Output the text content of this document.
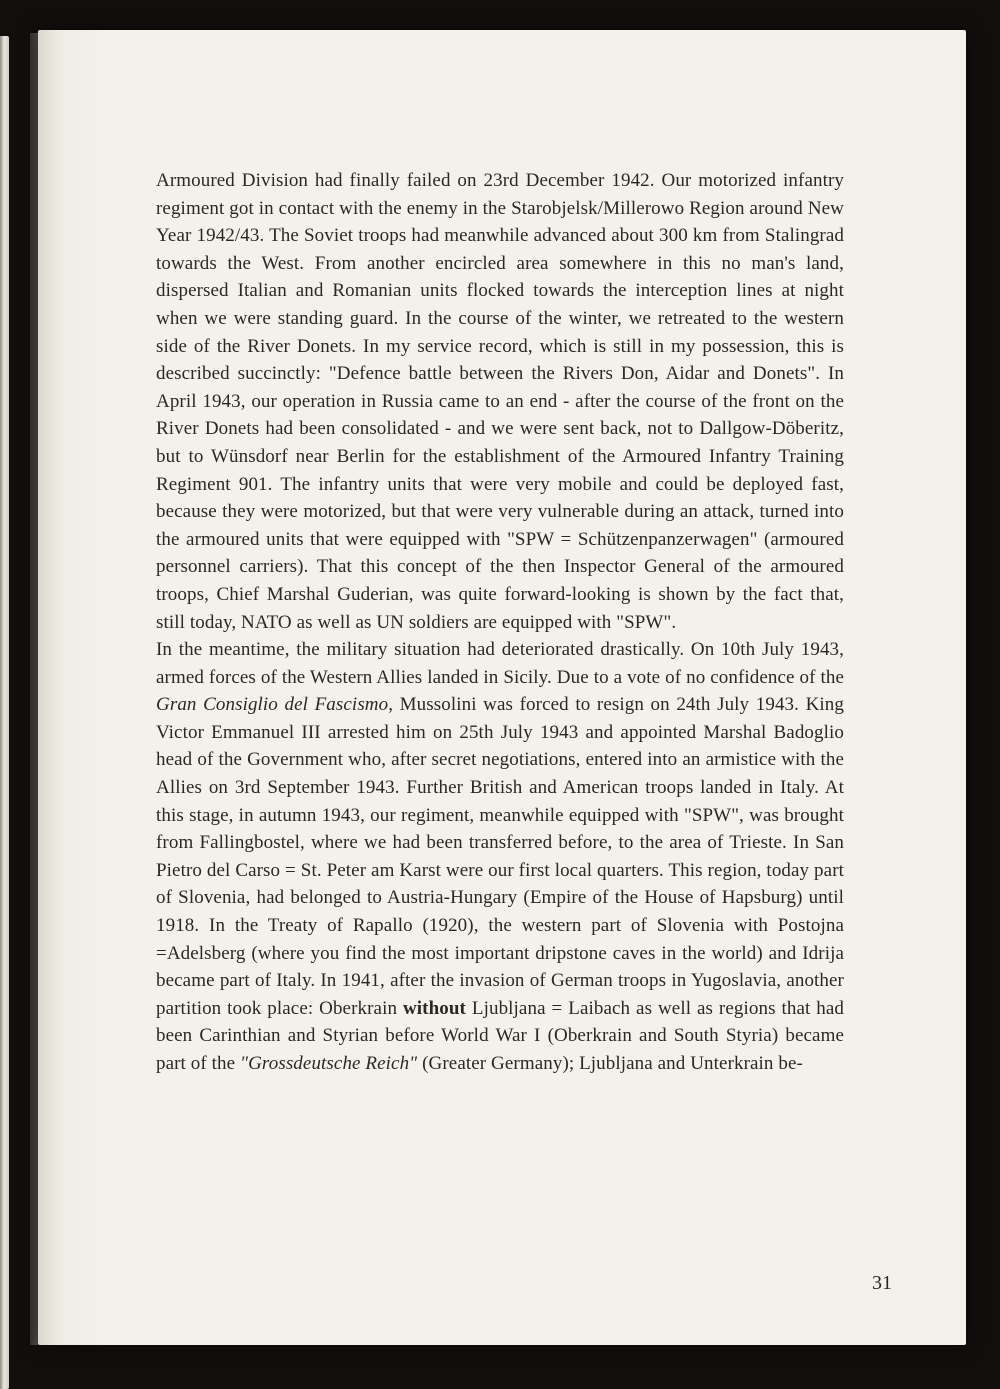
Armoured Division had finally failed on 23rd December 1942. Our motorized infantry regiment got in contact with the enemy in the Starobjelsk/Millerowo Region around New Year 1942/43. The Soviet troops had meanwhile advanced about 300 km from Stalingrad towards the West. From another encircled area somewhere in this no man's land, dispersed Italian and Romanian units flocked towards the interception lines at night when we were standing guard. In the course of the winter, we retreated to the western side of the River Donets. In my service record, which is still in my possession, this is described succinctly: "Defence battle between the Rivers Don, Aidar and Donets". In April 1943, our operation in Russia came to an end - after the course of the front on the River Donets had been consolidated - and we were sent back, not to Dallgow-Döberitz, but to Wünsdorf near Berlin for the establishment of the Armoured Infantry Training Regiment 901. The infantry units that were very mobile and could be deployed fast, because they were motorized, but that were very vulnerable during an attack, turned into the armoured units that were equipped with "SPW = Schützenpanzerwagen" (armoured personnel carriers). That this concept of the then Inspector General of the armoured troops, Chief Marshal Guderian, was quite forward-looking is shown by the fact that, still today, NATO as well as UN soldiers are equipped with "SPW".

In the meantime, the military situation had deteriorated drastically. On 10th July 1943, armed forces of the Western Allies landed in Sicily. Due to a vote of no confidence of the Gran Consiglio del Fascismo, Mussolini was forced to resign on 24th July 1943. King Victor Emmanuel III arrested him on 25th July 1943 and appointed Marshal Badoglio head of the Government who, after secret negotiations, entered into an armistice with the Allies on 3rd September 1943. Further British and American troops landed in Italy. At this stage, in autumn 1943, our regiment, meanwhile equipped with "SPW", was brought from Fallingbostel, where we had been transferred before, to the area of Trieste. In San Pietro del Carso = St. Peter am Karst were our first local quarters. This region, today part of Slovenia, had belonged to Austria-Hungary (Empire of the House of Hapsburg) until 1918. In the Treaty of Rapallo (1920), the western part of Slovenia with Postojna =Adelsberg (where you find the most important dripstone caves in the world) and Idrija became part of Italy. In 1941, after the invasion of German troops in Yugoslavia, another partition took place: Oberkrain without Ljubljana = Laibach as well as regions that had been Carinthian and Styrian before World War I (Oberkrain and South Styria) became part of the "Grossdeutsche Reich" (Greater Germany); Ljubljana and Unterkrain be-

31
